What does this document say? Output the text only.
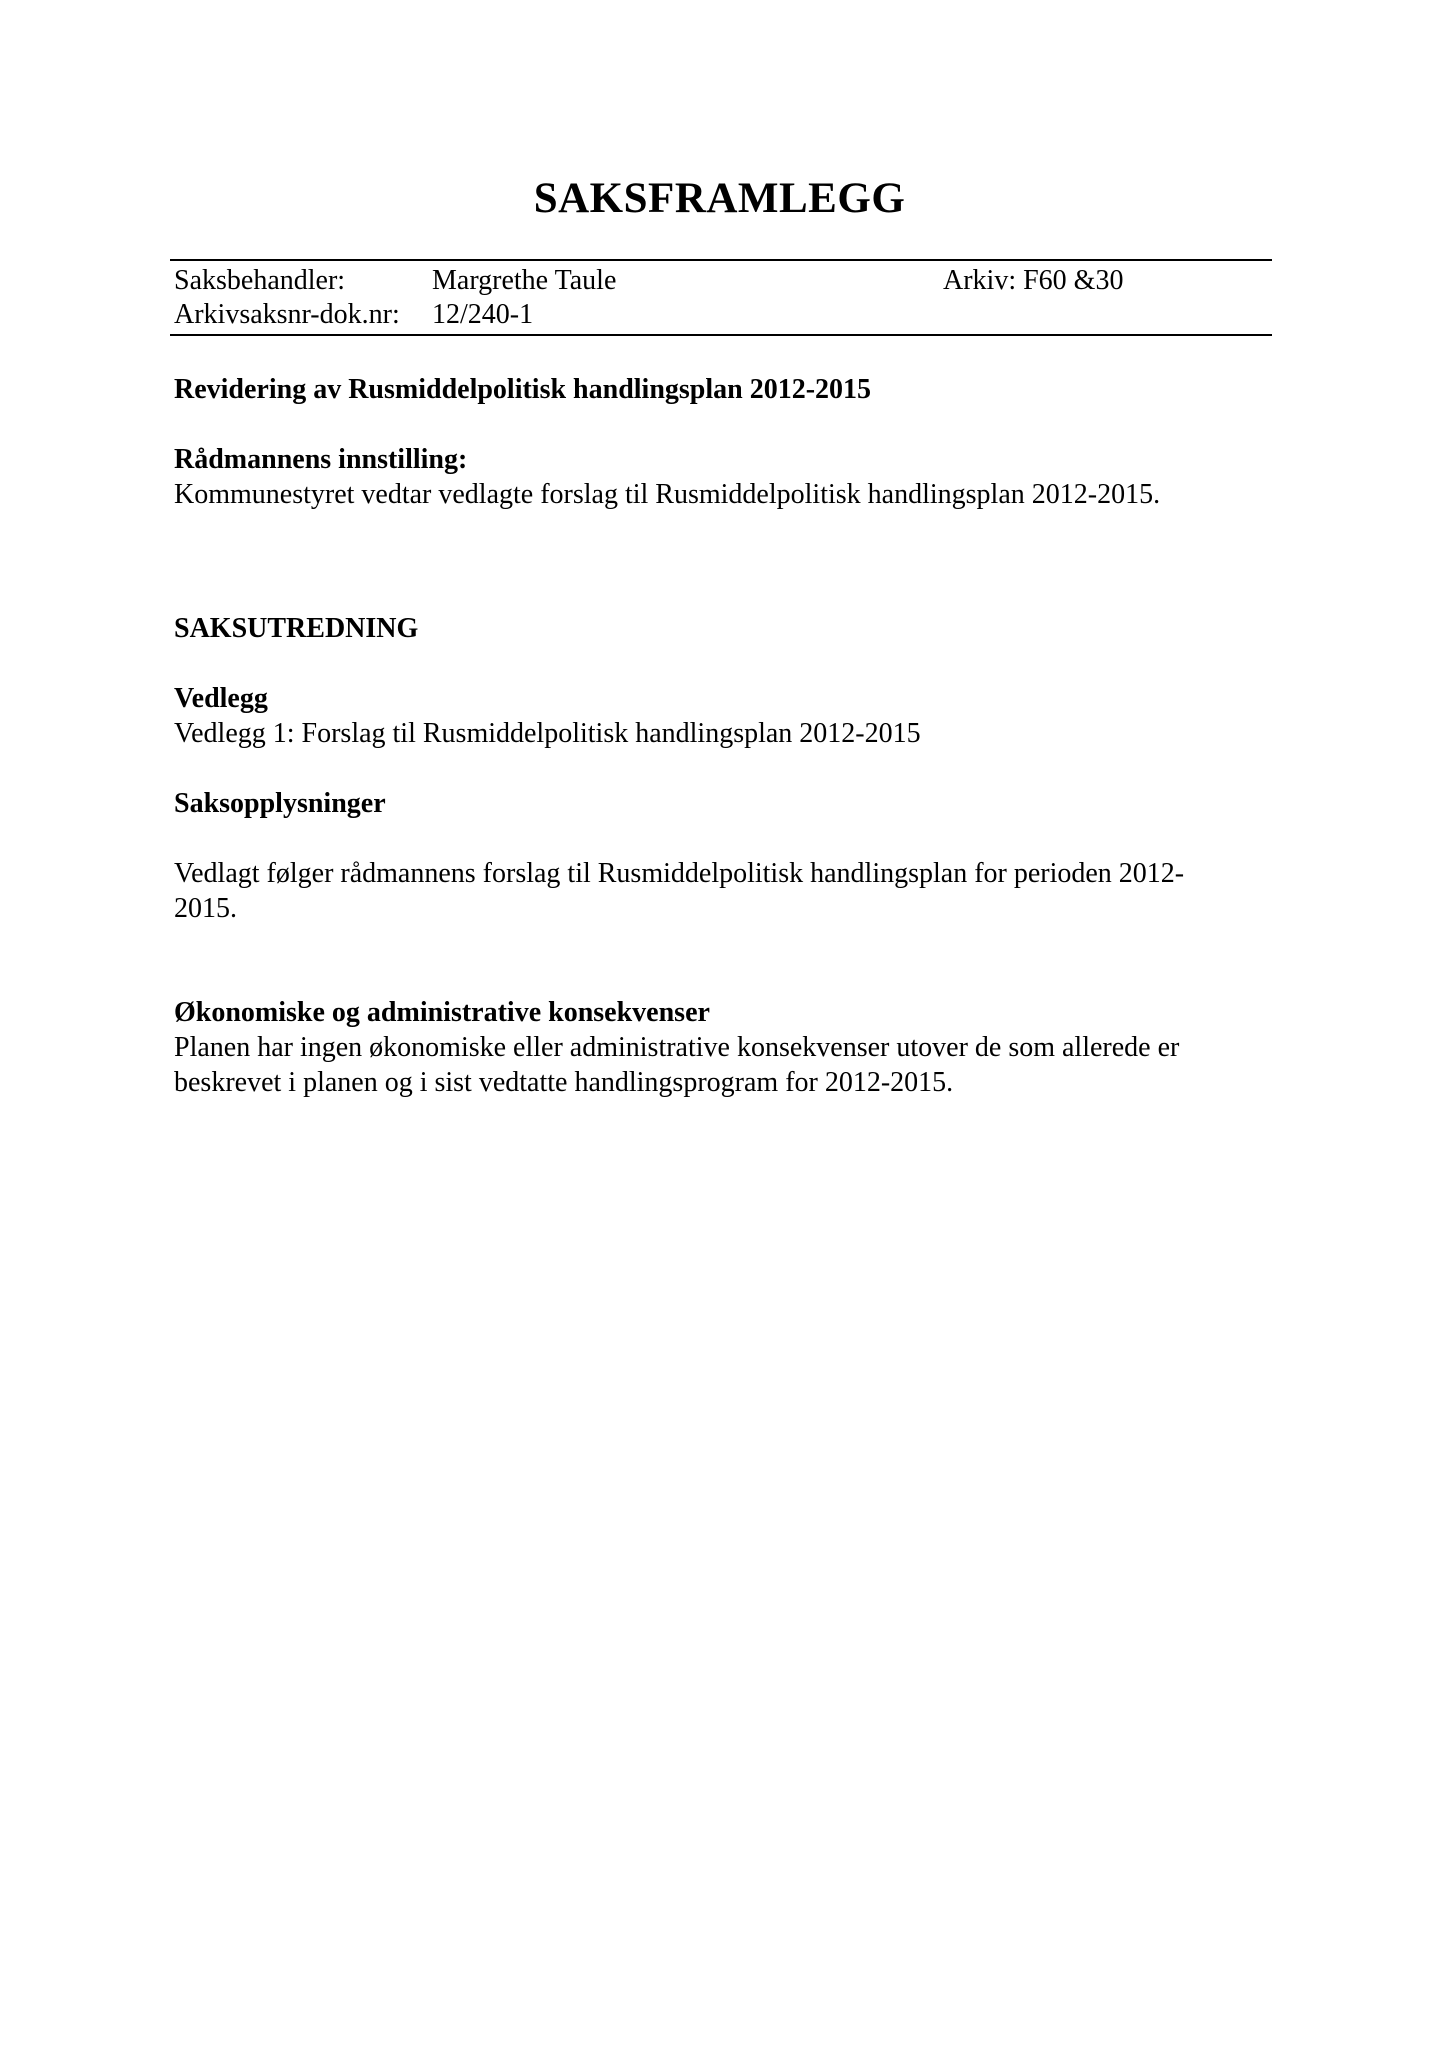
SAKSFRAMLEGG
Saksbehandler:	Margrethe Taule	Arkiv: F60 &30
Arkivsaksnr-dok.nr: 12/240-1

Revidering av Rusmiddelpolitisk handlingsplan 2012-2015

Rådmannens innstilling:

Kommunestyret vedtar vedlagte forslag til Rusmiddelpolitisk handlingsplan 2012-2015.

SAKSUTREDNING

Vedlegg

Vedlegg 1: Forslag til Rusmiddelpolitisk handlingsplan 2012-2015

Saksopplysninger

Vedlagt følger rådmannens forslag til Rusmiddelpolitisk handlingsplan for perioden 2012-2015.

Økonomiske og administrative konsekvenser

Planen har ingen økonomiske eller administrative konsekvenser utover de som allerede er beskrevet i planen og i sist vedtatte handlingsprogram for 2012-2015.
